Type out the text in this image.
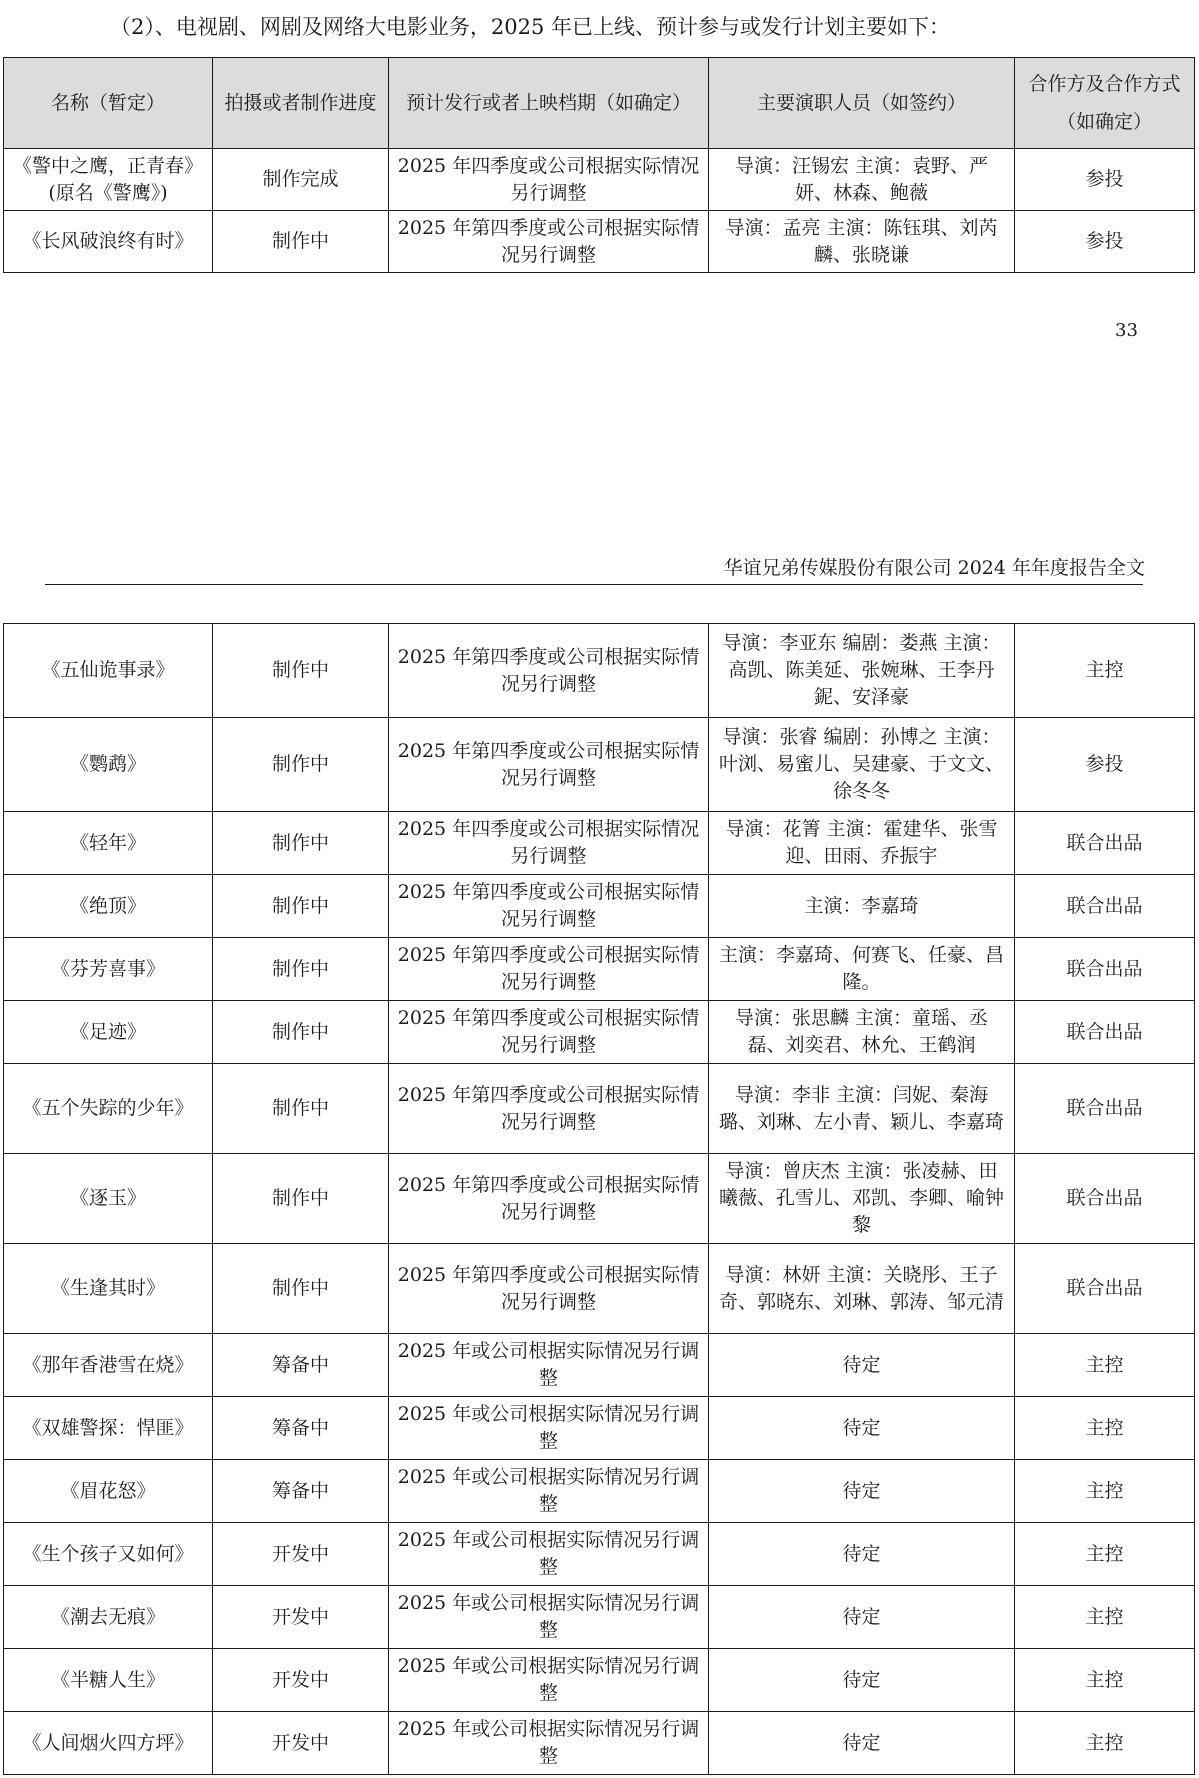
（2）、电视剧、网剧及网络大电影业务，2025 年已上线、预计参与或发行计划主要如下：
名称（暂定）	拍摄或者制作进度	预计发行或者上映档期（如确定）	主要演职人员（如签约）	合作方及合作方式（如确定）
《警中之鹰，正青春》(原名《警鹰》)	制作完成	2025 年四季度或公司根据实际情况另行调整	导演：汪锡宏 主演：袁野、严妍、林森、鲍薇	参投
《长风破浪终有时》	制作中	2025 年第四季度或公司根据实际情况另行调整	导演：孟亮 主演：陈钰琪、刘芮麟、张晓谦	参投
33
华谊兄弟传媒股份有限公司 2024 年年度报告全文
《五仙诡事录》	制作中	2025 年第四季度或公司根据实际情况另行调整	导演：李亚东 编剧：娄燕 主演：高凯、陈美延、张婉琳、王李丹鈮、安泽豪	主控
《鹦鹉》	制作中	2025 年第四季度或公司根据实际情况另行调整	导演：张睿 编剧：孙博之 主演：叶浏、易蜜儿、吴建豪、于文文、徐冬冬	参投
《轻年》	制作中	2025 年四季度或公司根据实际情况另行调整	导演：花箐 主演：霍建华、张雪迎、田雨、乔振宇	联合出品
《绝顶》	制作中	2025 年第四季度或公司根据实际情况另行调整	主演：李嘉琦	联合出品
《芬芳喜事》	制作中	2025 年第四季度或公司根据实际情况另行调整	主演：李嘉琦、何赛飞、任豪、昌隆。	联合出品
《足迹》	制作中	2025 年第四季度或公司根据实际情况另行调整	导演：张思麟 主演：童瑶、丞磊、刘奕君、林允、王鹤润	联合出品
《五个失踪的少年》	制作中	2025 年第四季度或公司根据实际情况另行调整	导演：李非 主演：闫妮、秦海璐、刘琳、左小青、颖儿、李嘉琦	联合出品
《逐玉》	制作中	2025 年第四季度或公司根据实际情况另行调整	导演：曾庆杰 主演：张凌赫、田曦薇、孔雪儿、邓凯、李卿、喻钟黎	联合出品
《生逢其时》	制作中	2025 年第四季度或公司根据实际情况另行调整	导演：林妍 主演：关晓彤、王子奇、郭晓东、刘琳、郭涛、邹元清	联合出品
《那年香港雪在烧》	筹备中	2025 年或公司根据实际情况另行调整	待定	主控
《双雄警探：悍匪》	筹备中	2025 年或公司根据实际情况另行调整	待定	主控
《眉花怒》	筹备中	2025 年或公司根据实际情况另行调整	待定	主控
《生个孩子又如何》	开发中	2025 年或公司根据实际情况另行调整	待定	主控
《潮去无痕》	开发中	2025 年或公司根据实际情况另行调整	待定	主控
《半糖人生》	开发中	2025 年或公司根据实际情况另行调整	待定	主控
《人间烟火四方坪》	开发中	2025 年或公司根据实际情况另行调整	待定	主控
